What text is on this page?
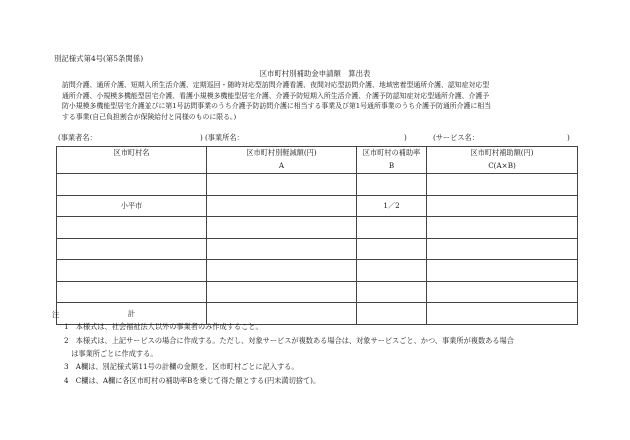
別記様式第4号(第5条関係)
区市町村別補助金申請額　算出表
訪問介護、通所介護、短期入所生活介護、定期巡回・随時対応型訪問介護看護、夜間対応型訪問介護、地域密着型通所介護、認知症対応型
通所介護、小規模多機能型居宅介護、看護小規模多機能型居宅介護、介護予防短期入所生活介護、介護予防認知症対応型通所介護、介護予
防小規模多機能型居宅介護並びに第1号訪問事業のうち介護予防訪問介護に相当する事業及び第1号通所事業のうち介護予防通所介護に相当
する事業(自己負担割合が保険給付と同様のものに限る。)
(事業者名：	) (事業所名：	)	(サービス名：	)
区市町村名	区市町村別軽減額(円)	区市町村の補助率	区市町村補助額(円)
	A	B	C(A×B)

小平市		1／2	

計			
注
1　本様式は、社会福祉法人以外の事業者のみ作成すること。
2　本様式は、上記サービスの場合に作成する。ただし、対象サービスが複数ある場合は、対象サービスごと、かつ、事業所が複数ある場合
　は事業所ごとに作成する。
3　A欄は、別記様式第11号の計欄の金額を、区市町村ごとに記入する。
4　C欄は、A欄に各区市町村の補助率Bを乗じて得た額とする(円未満切捨て)。
